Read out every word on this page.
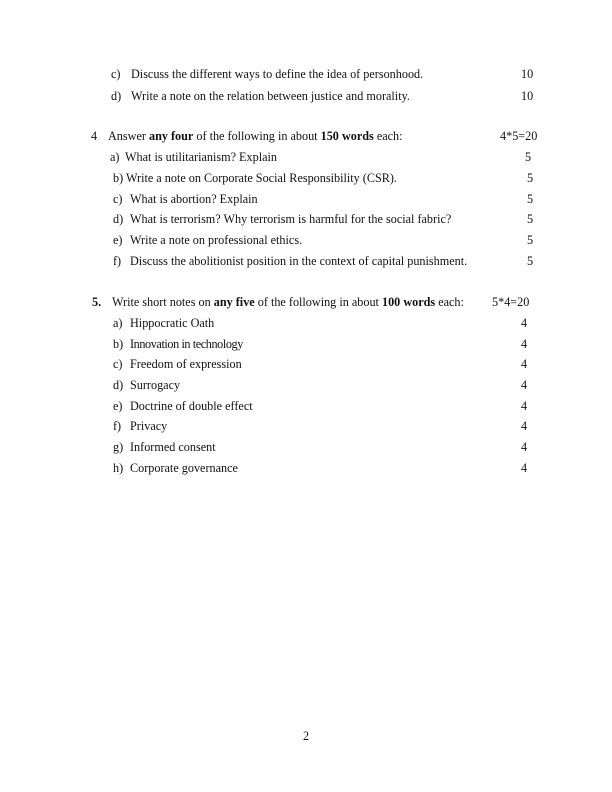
c) Discuss the different ways to define the idea of personhood.	10
d) Write a note on the relation between justice and morality.	10
4 Answer any four of the following in about 150 words each:	4*5=20
a) What is utilitarianism? Explain	5
b) Write a note on Corporate Social Responsibility (CSR).	5
c) What is abortion? Explain	5
d) What is terrorism? Why terrorism is harmful for the social fabric?	5
e) Write a note on professional ethics.	5
f) Discuss the abolitionist position in the context of capital punishment.	5
5. Write short notes on any five of the following in about 100 words each: 5*4=20
a) Hippocratic Oath	4
b) Innovation in technology	4
c) Freedom of expression	4
d) Surrogacy	4
e) Doctrine of double effect	4
f) Privacy	4
g) Informed consent	4
h) Corporate governance	4
2
